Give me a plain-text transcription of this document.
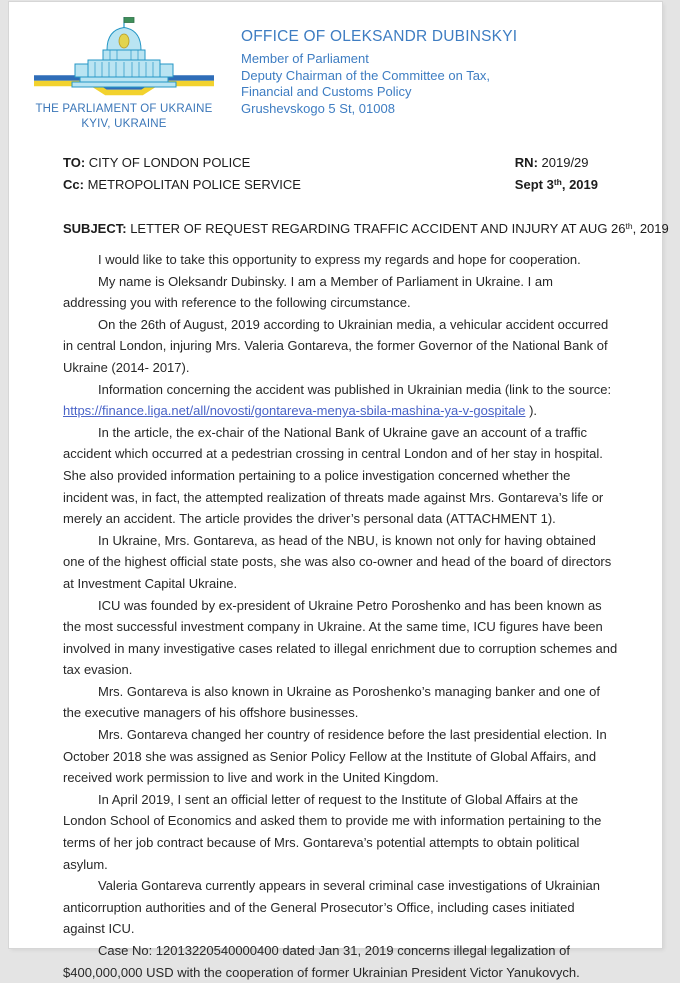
THE PARLIAMENT OF UKRAINE
KYIV, UKRAINE
OFFICE OF OLEKSANDR DUBINSKYI
Member of Parliament
Deputy Chairman of the Committee on Tax,
Financial and Customs Policy
Grushevskogo 5 St, 01008
TO: CITY OF LONDON POLICE
Cc: METROPOLITAN POLICE SERVICE
RN: 2019/29
Sept 3th, 2019
SUBJECT: LETTER OF REQUEST REGARDING TRAFFIC ACCIDENT AND INJURY AT AUG 26th, 2019

I would like to take this opportunity to express my regards and hope for cooperation.

My name is Oleksandr Dubinsky. I am a Member of Parliament in Ukraine. I am addressing you with reference to the following circumstance.

On the 26th of August, 2019 according to Ukrainian media, a vehicular accident occurred in central London, injuring Mrs. Valeria Gontareva, the former Governor of the National Bank of Ukraine (2014- 2017).

Information concerning the accident was published in Ukrainian media (link to the source: https://finance.liga.net/all/novosti/gontareva-menya-sbila-mashina-ya-v-gospitale ).

In the article, the ex-chair of the National Bank of Ukraine gave an account of a traffic accident which occurred at a pedestrian crossing in central London and of her stay in hospital. She also provided information pertaining to a police investigation concerned whether the incident was, in fact, the attempted realization of threats made against Mrs. Gontareva’s life or merely an accident. The article provides the driver’s personal data (ATTACHMENT 1).

In Ukraine, Mrs. Gontareva, as head of the NBU, is known not only for having obtained one of the highest official state posts, she was also co-owner and head of the board of directors at Investment Capital Ukraine.

ICU was founded by ex-president of Ukraine Petro Poroshenko and has been known as the most successful investment company in Ukraine. At the same time, ICU figures have been involved in many investigative cases related to illegal enrichment due to corruption schemes and tax evasion.

Mrs. Gontareva is also known in Ukraine as Poroshenko’s managing banker and one of the executive managers of his offshore businesses.

Mrs. Gontareva changed her country of residence before the last presidential election. In October 2018 she was assigned as Senior Policy Fellow at the Institute of Global Affairs, and received work permission to live and work in the United Kingdom.

In April 2019, I sent an official letter of request to the Institute of Global Affairs at the London School of Economics and asked them to provide me with information pertaining to the terms of her job contract because of Mrs. Gontareva’s potential attempts to obtain political asylum.

Valeria Gontareva currently appears in several criminal case investigations of Ukrainian anticorruption authorities and of the General Prosecutor’s Office, including cases initiated against ICU.

Case No: 12013220540000400 dated Jan 31, 2019 concerns illegal legalization of $400,000,000 USD with the cooperation of former Ukrainian President Victor Yanukovych.
